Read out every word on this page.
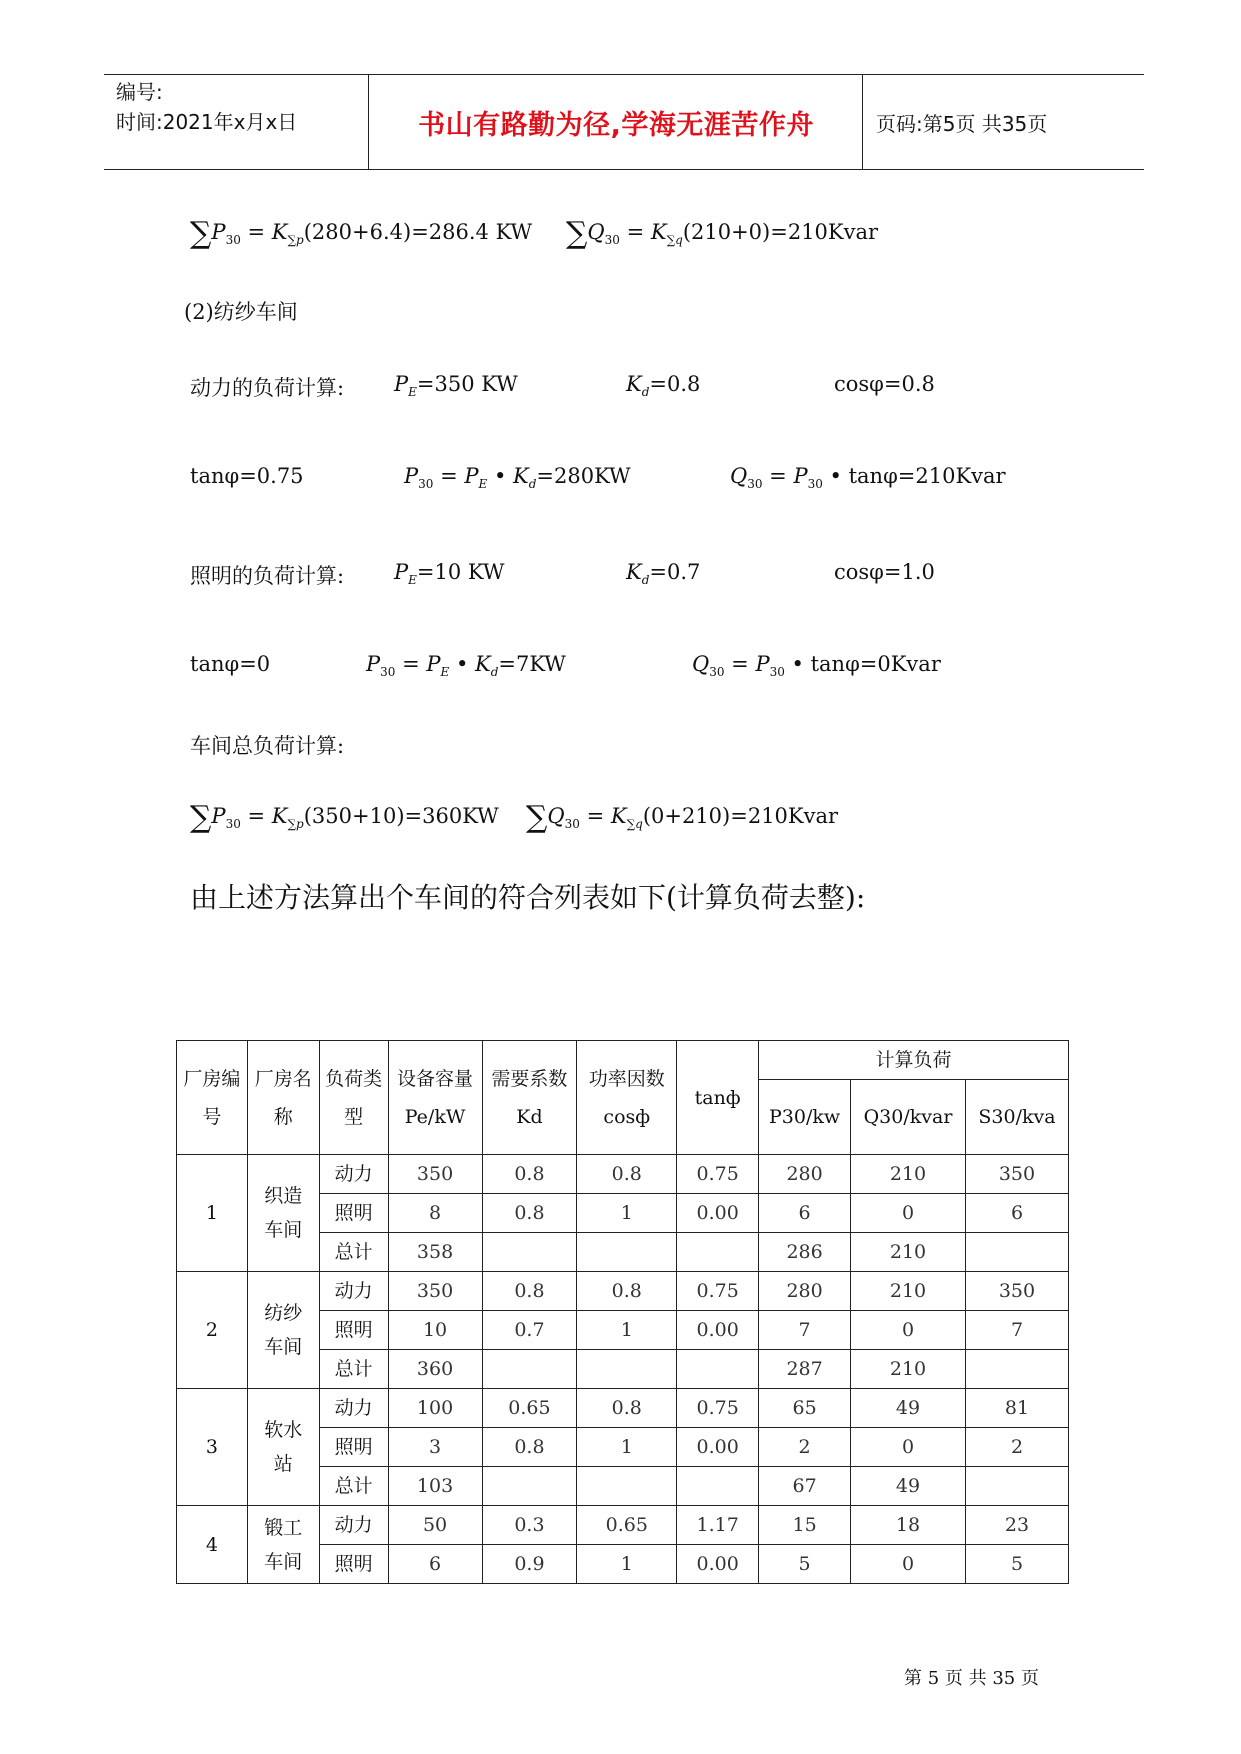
编号:
时间:2021年x月x日	书山有路勤为径,学海无涯苦作舟	页码:第5页 共35页
$\sum P_{30} = K_{\sum p}(280+6.4)=286.4$ KW $\sum Q_{30}$ = $K_{\sum q}(210+0)=210Kvar$
(2)纺纱车间
动力的负荷计算: $P_E=350$ KW	$K_d=0.8$	cosφ=0.8
tanφ=0.75	$P_{30} = P_E$ • $K_d=280KW$	$Q_{30} = P_{30}$ • tanφ=210Kvar
照明的负荷计算: $P_E=10$ KW	$K_d=0.7$	cosφ=1.0
tanφ=0	$P_{30} = P_E$ • $K_d=7KW$	$Q_{30} = P_{30}$ • tanφ=0Kvar
车间总负荷计算:
$\sum P_{30} = K_{\sum p}(350+10)=360KW$ $\sum Q_{30}$ = $K_{\sum q}(0+210)=210Kvar$
由上述方法算出个车间的符合列表如下(计算负荷去整):
厂房编号	厂房名称	负荷类型	设备容量Pe/kW	需要系数Kd	功率因数cosф	tanф	计算负荷		
							P30/kw	Q30/kvar	S30/kva
1	织造车间	动力	350	0.8	0.8	0.75	280	210	350
		照明	8	0.8	1	0.00	6	0	6
		总计	358				286	210	
2	纺纱车间	动力	350	0.8	0.8	0.75	280	210	350
		照明	10	0.7	1	0.00	7	0	7
		总计	360				287	210	
3	软水站	动力	100	0.65	0.8	0.75	65	49	81
		照明	3	0.8	1	0.00	2	0	2
		总计	103				67	49	
4	锻工车间	动力	50	0.3	0.65	1.17	15	18	23
		照明	6	0.9	1	0.00	5	0	5
第 5 页 共 35 页
